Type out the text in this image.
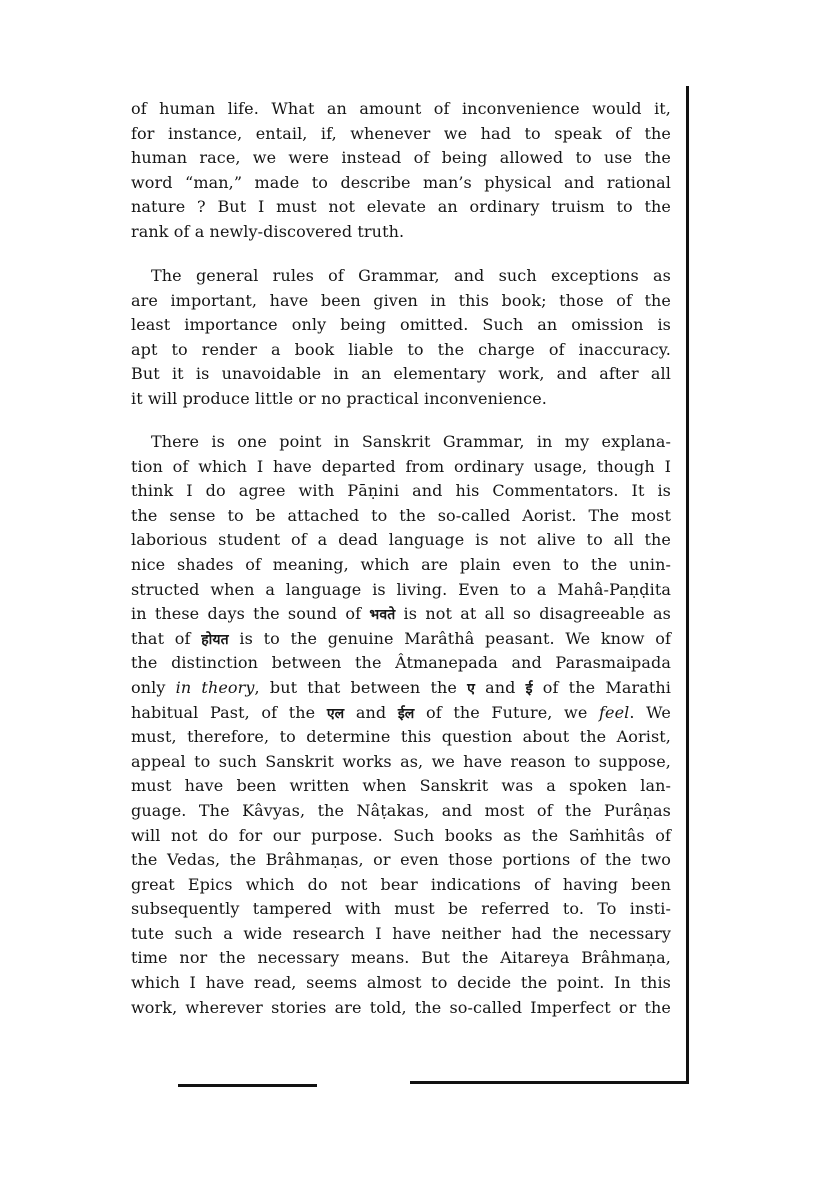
of human life. What an amount of inconvenience would it,
for instance, entail, if, whenever we had to speak of the
human race, we were instead of being allowed to use the
word “man,” made to describe man’s physical and rational
nature ? But I must not elevate an ordinary truism to the
rank of a newly-discovered truth.
The general rules of Grammar, and such exceptions as
are important, have been given in this book; those of the
least importance only being omitted. Such an omission is
apt to render a book liable to the charge of inaccuracy.
But it is unavoidable in an elementary work, and after all
it will produce little or no practical inconvenience.
There is one point in Sanskrit Grammar, in my explana-
tion of which I have departed from ordinary usage, though I
think I do agree with Pāṇini and his Commentators. It is
the sense to be attached to the so-called Aorist. The most
laborious student of a dead language is not alive to all the
nice shades of meaning, which are plain even to the unin-
structed when a language is living. Even to a Mahâ-Paṇḍita
in these days the sound of भवते is not at all so disagreeable as
that of होयत is to the genuine Marâthâ peasant. We know of
the distinction between the Âtmanepada and Parasmaipada
only in theory, but that between the ए and ई of the Marathi
habitual Past, of the एल and ईल of the Future, we feel. We
must, therefore, to determine this question about the Aorist,
appeal to such Sanskrit works as, we have reason to suppose,
must have been written when Sanskrit was a spoken lan-
guage. The Kâvyas, the Nâṭakas, and most of the Purâṇas
will not do for our purpose. Such books as the Saṁhitâs of
the Vedas, the Brâhmaṇas, or even those portions of the two
great Epics which do not bear indications of having been
subsequently tampered with must be referred to. To insti-
tute such a wide research I have neither had the necessary
time nor the necessary means. But the Aitareya Brâhmaṇa,
which I have read, seems almost to decide the point. In this
work, wherever stories are told, the so-called Imperfect or the
